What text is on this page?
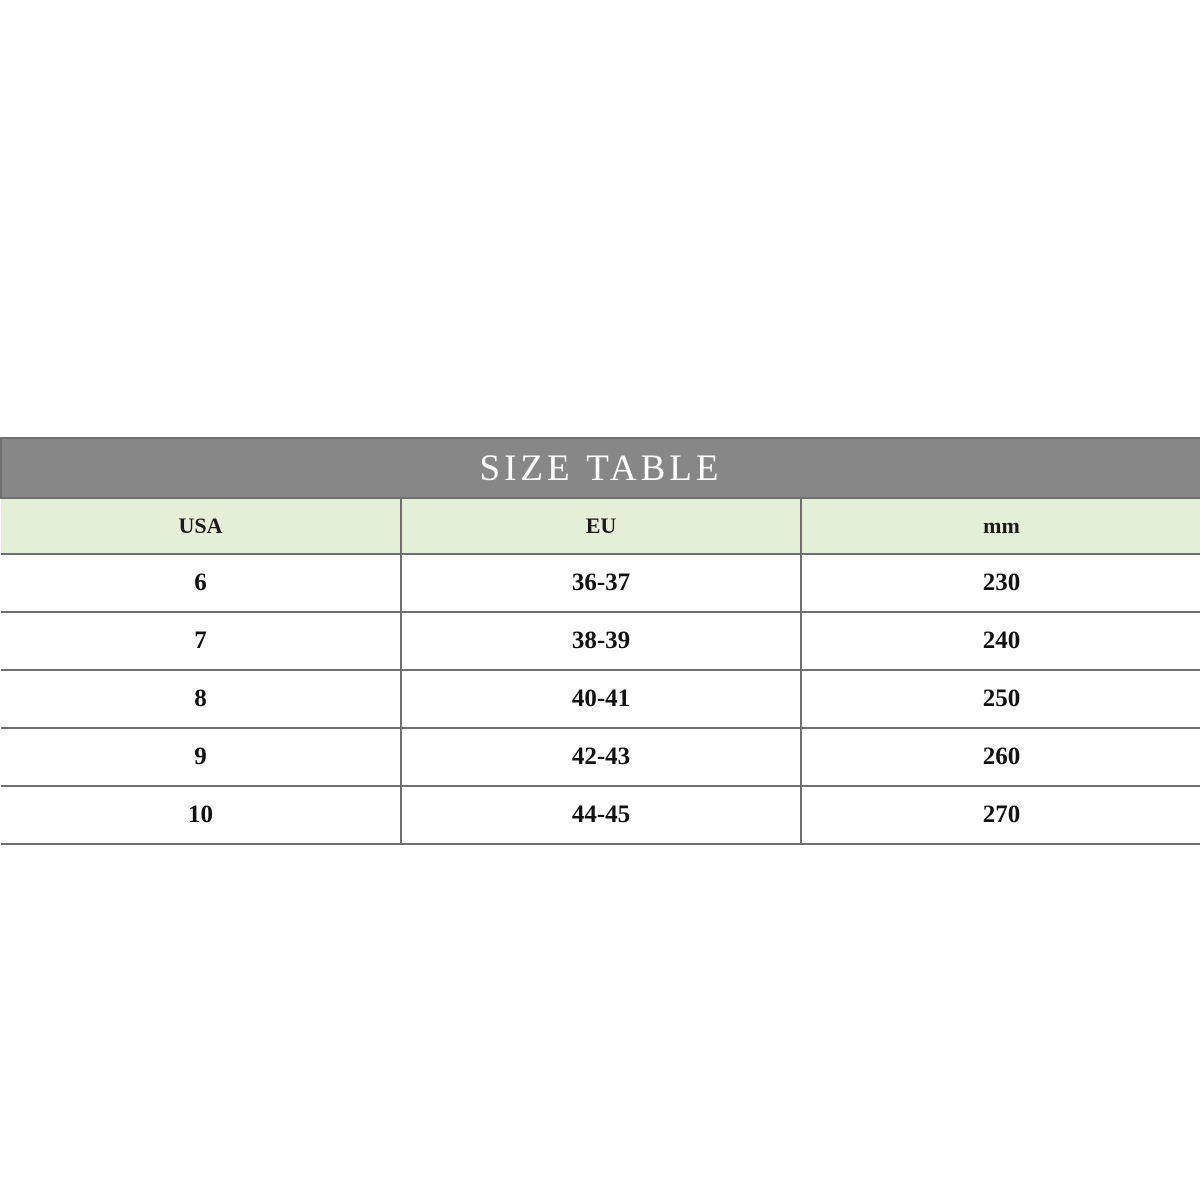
SIZE TABLE		
USA	EU	mm
6	36-37	230
7	38-39	240
8	40-41	250
9	42-43	260
10	44-45	270
